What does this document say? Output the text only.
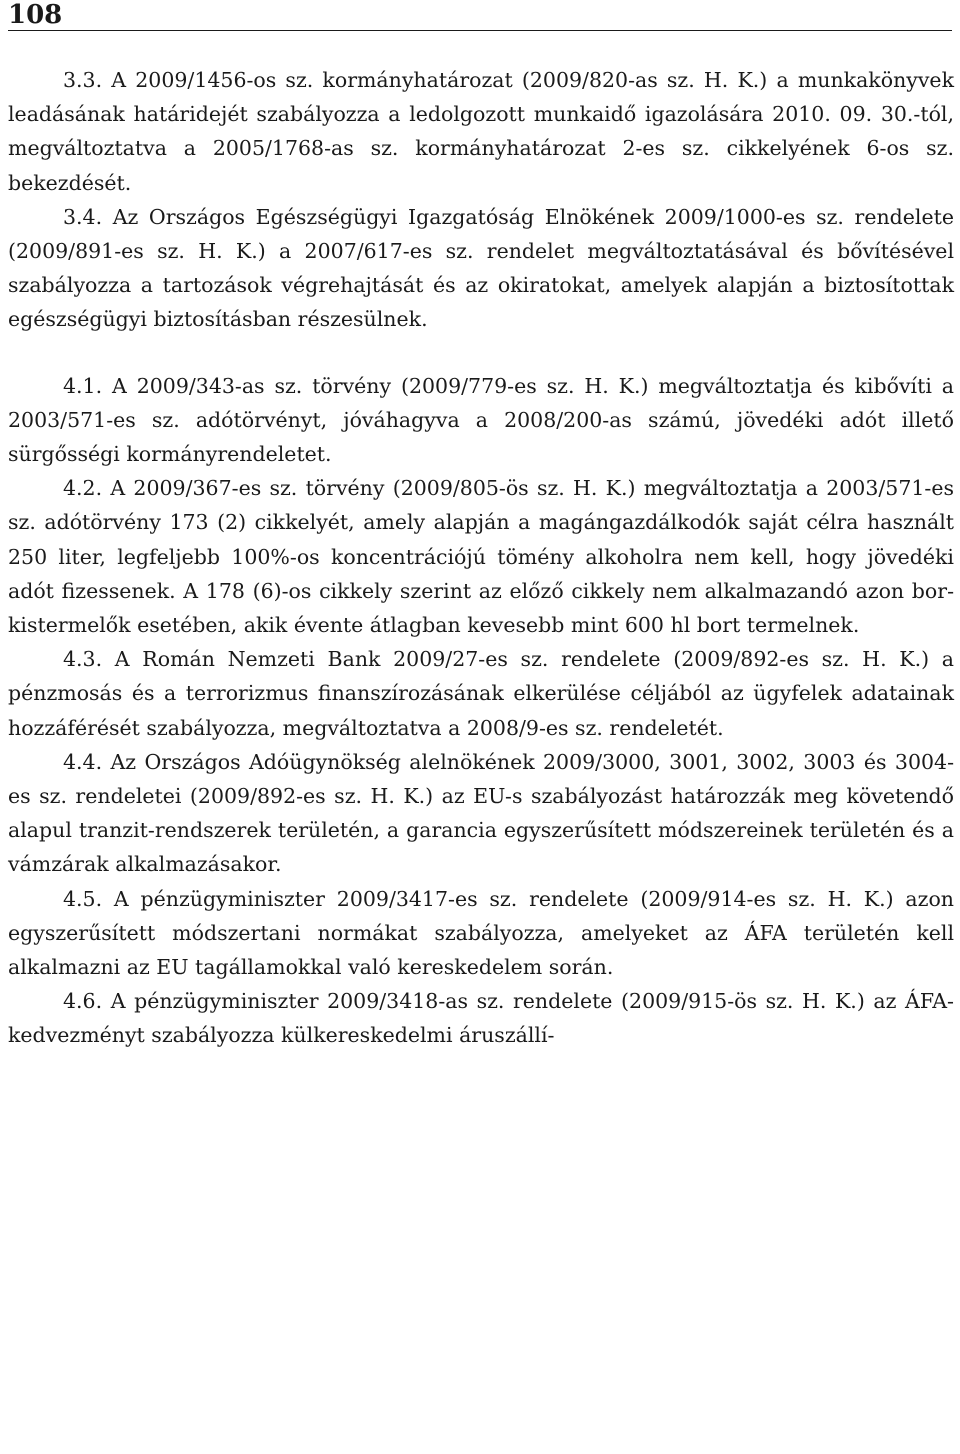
108

3.3. A 2009/1456-os sz. kormányhatározat (2009/820-as sz. H. K.) a munkakönyvek leadásának határidejét szabályozza a ledolgozott munkaidő igazolására 2010. 09. 30.-tól, megváltoztatva a 2005/1768-as sz. kormányhatározat 2-es sz. cikkelyének 6-os sz. bekezdését.

3.4. Az Országos Egészségügyi Igazgatóság Elnökének 2009/1000-es sz. rendelete (2009/891-es sz. H. K.) a 2007/617-es sz. rendelet megváltoztatásával és bővítésével szabályozza a tartozások végrehajtását és az okiratokat, amelyek alapján a biztosítottak egészségügyi biztosításban részesülnek.

4.1. A 2009/343-as sz. törvény (2009/779-es sz. H. K.) megváltoztatja és kibővíti a 2003/571-es sz. adótörvényt, jóváhagyva a 2008/200-as számú, jövedéki adót illető sürgősségi kormányrendeletet.

4.2. A 2009/367-es sz. törvény (2009/805-ös sz. H. K.) megváltoztatja a 2003/571-es sz. adótörvény 173 (2) cikkelyét, amely alapján a magángazdálkodók saját célra használt 250 liter, legfeljebb 100%-os koncentrációjú tömény alkoholra nem kell, hogy jövedéki adót fizessenek. A 178 (6)-os cikkely szerint az előző cikkely nem alkalmazandó azon bor-kistermelők esetében, akik évente átlagban kevesebb mint 600 hl bort termelnek.

4.3. A Román Nemzeti Bank 2009/27-es sz. rendelete (2009/892-es sz. H. K.) a pénzmosás és a terrorizmus finanszírozásának elkerülése céljából az ügyfelek adatainak hozzáférését szabályozza, megváltoztatva a 2008/9-es sz. rendeletét.

4.4. Az Országos Adóügynökség alelnökének 2009/3000, 3001, 3002, 3003 és 3004-es sz. rendeletei (2009/892-es sz. H. K.) az EU-s szabályozást határozzák meg követendő alapul tranzit-rendszerek területén, a garancia egyszerűsített módszereinek területén és a vámzárak alkalmazásakor.

4.5. A pénzügyminiszter 2009/3417-es sz. rendelete (2009/914-es sz. H. K.) azon egyszerűsített módszertani normákat szabályozza, amelyeket az ÁFA területén kell alkalmazni az EU tagállamokkal való kereskedelem során.

4.6. A pénzügyminiszter 2009/3418-as sz. rendelete (2009/915-ös sz. H. K.) az ÁFA-kedvezményt szabályozza külkereskedelmi áruszállí-
